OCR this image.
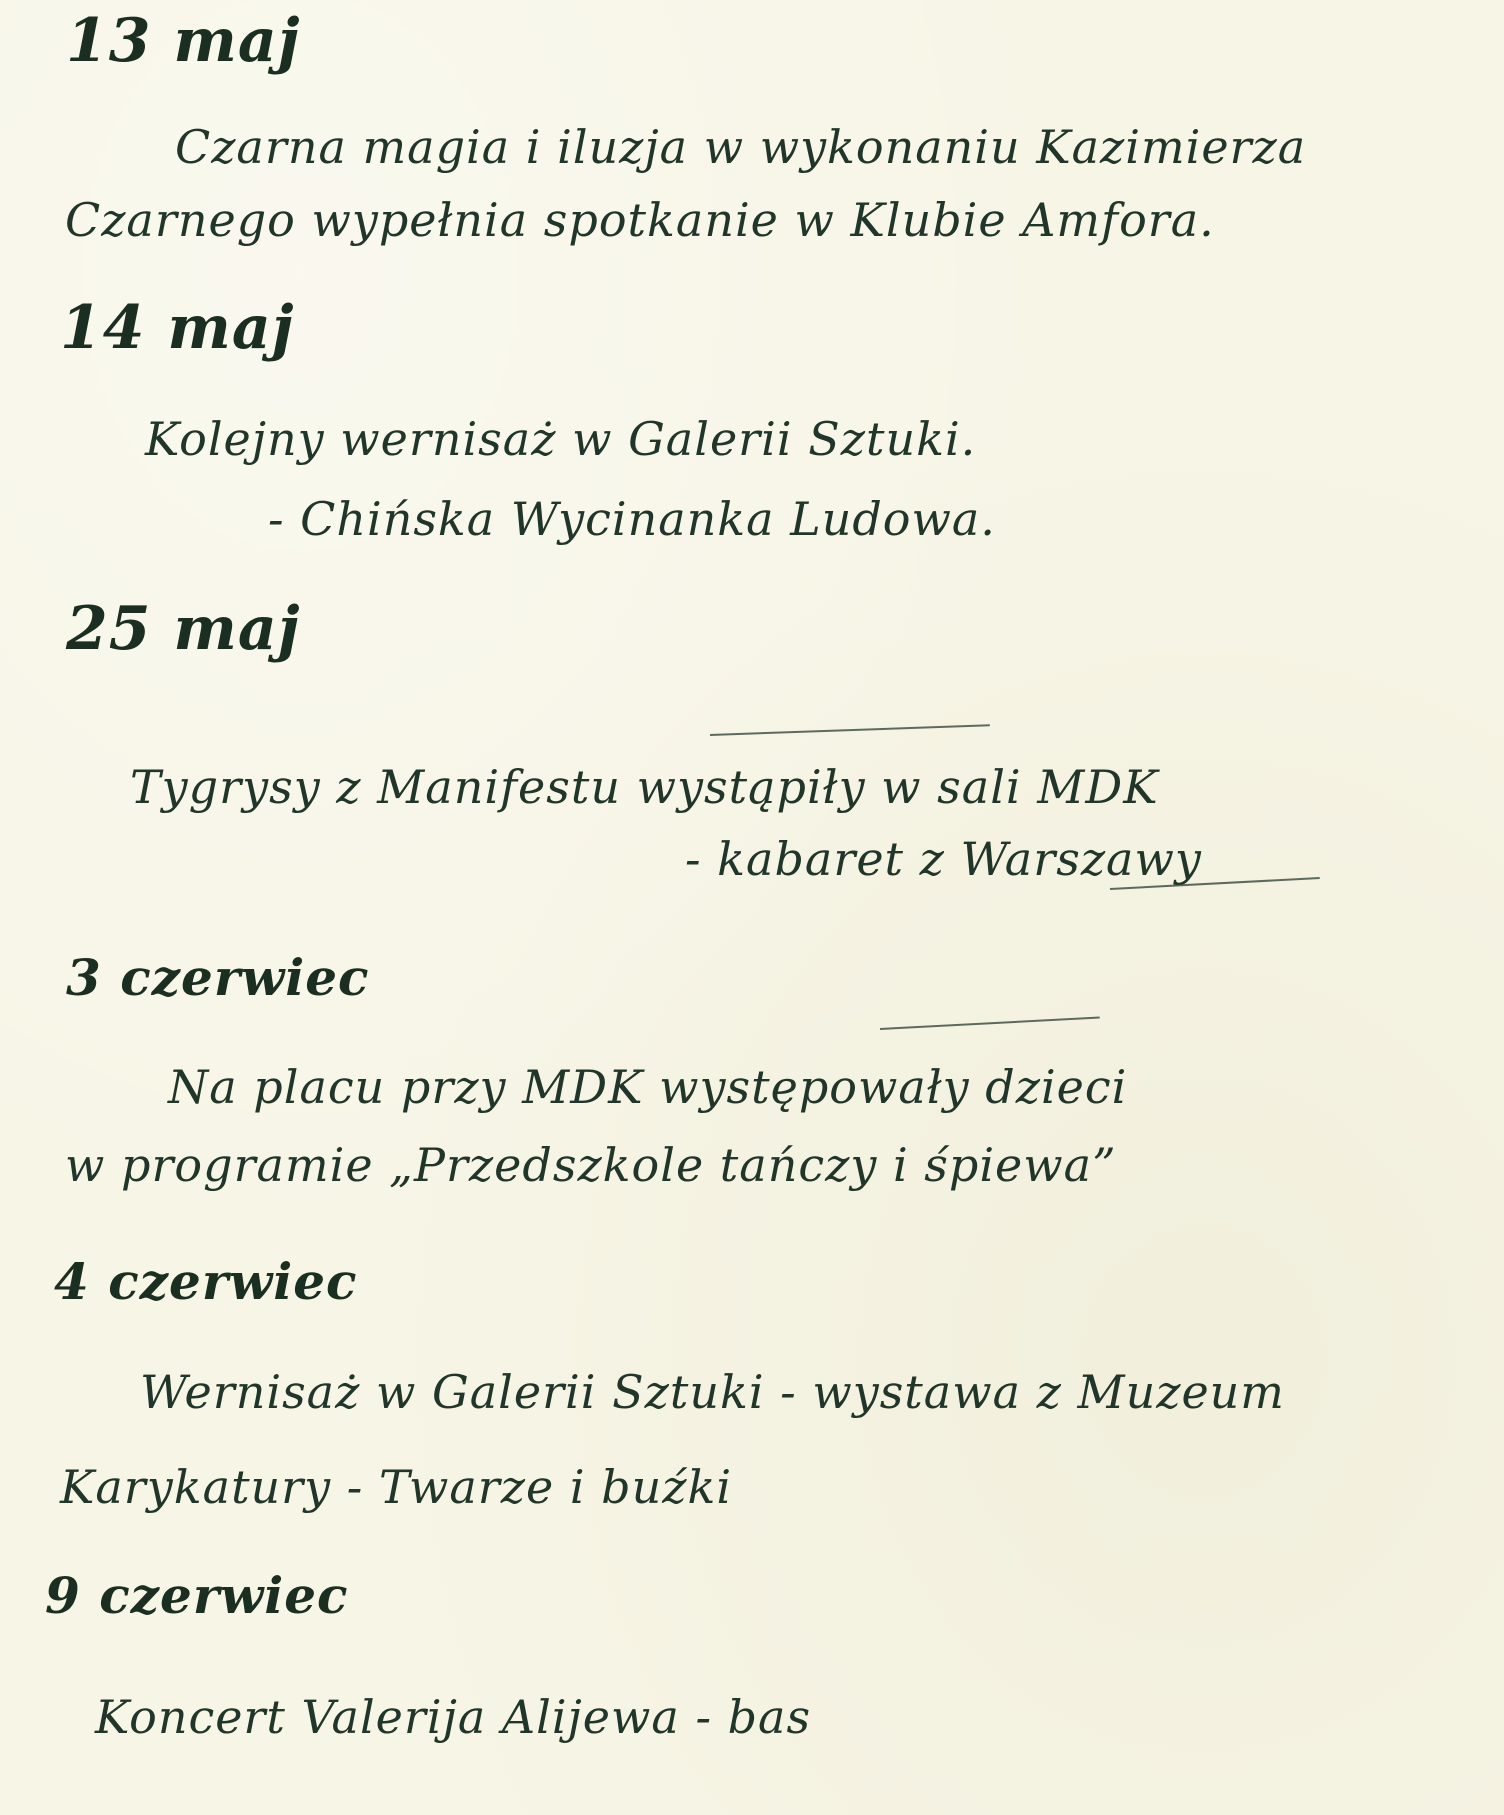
13 maj
Czarna magia i iluzja w wykonaniu Kazimierza
Czarnego wypełnia spotkanie w Klubie Amfora.
14 maj
Kolejny wernisaż w Galerii Sztuki.
- Chińska Wycinanka Ludowa.
25 maj
Tygrysy z Manifestu wystąpiły w sali MDK
- kabaret z Warszawy
3 czerwiec
Na placu przy MDK występowały dzieci
w programie „Przedszkole tańczy i śpiewa”
4 czerwiec
Wernisaż w Galerii Sztuki - wystawa z Muzeum
Karykatury - Twarze i buźki
9 czerwiec
Koncert Valerija Alijewa - bas
